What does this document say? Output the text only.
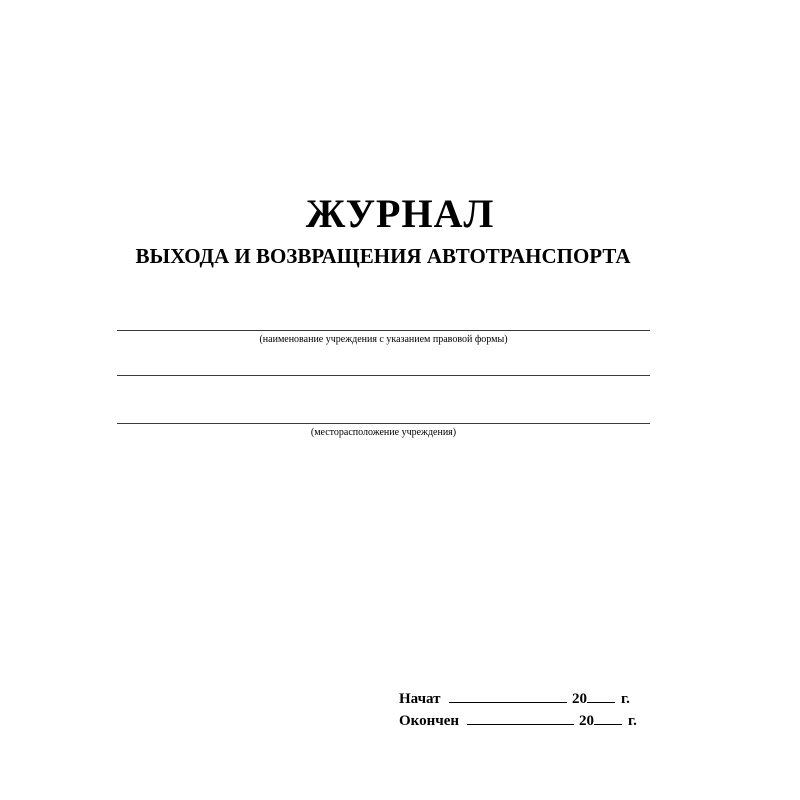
ЖУРНАЛ
ВЫХОДА И ВОЗВРАЩЕНИЯ АВТОТРАНСПОРТА
(наименование учреждения с указанием правовой формы)
(месторасположение учреждения)
Начат	20 г.
Окончен	20 г.
